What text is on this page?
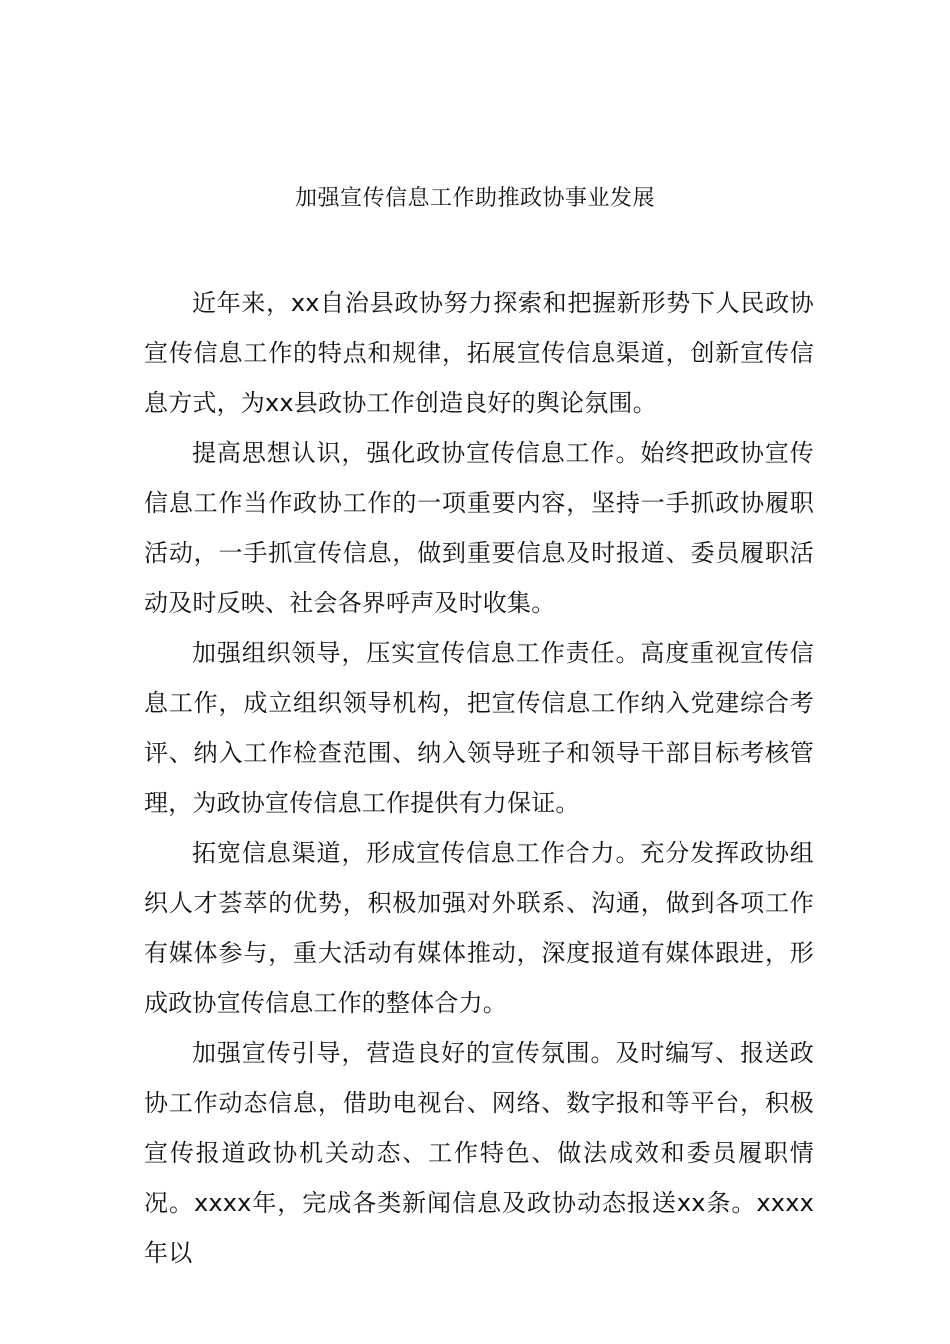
加强宣传信息工作助推政协事业发展

近年来，xx自治县政协努力探索和把握新形势下人民政协宣传信息工作的特点和规律，拓展宣传信息渠道，创新宣传信息方式，为xx县政协工作创造良好的舆论氛围。

提高思想认识，强化政协宣传信息工作。始终把政协宣传信息工作当作政协工作的一项重要内容，坚持一手抓政协履职活动，一手抓宣传信息，做到重要信息及时报道、委员履职活动及时反映、社会各界呼声及时收集。

加强组织领导，压实宣传信息工作责任。高度重视宣传信息工作，成立组织领导机构，把宣传信息工作纳入党建综合考评、纳入工作检查范围、纳入领导班子和领导干部目标考核管理，为政协宣传信息工作提供有力保证。

拓宽信息渠道，形成宣传信息工作合力。充分发挥政协组织人才荟萃的优势，积极加强对外联系、沟通，做到各项工作有媒体参与，重大活动有媒体推动，深度报道有媒体跟进，形成政协宣传信息工作的整体合力。

加强宣传引导，营造良好的宣传氛围。及时编写、报送政协工作动态信息，借助电视台、网络、数字报和等平台，积极宣传报道政协机关动态、工作特色、做法成效和委员履职情况。xxxx年，完成各类新闻信息及政协动态报送xx条。xxxx年以
